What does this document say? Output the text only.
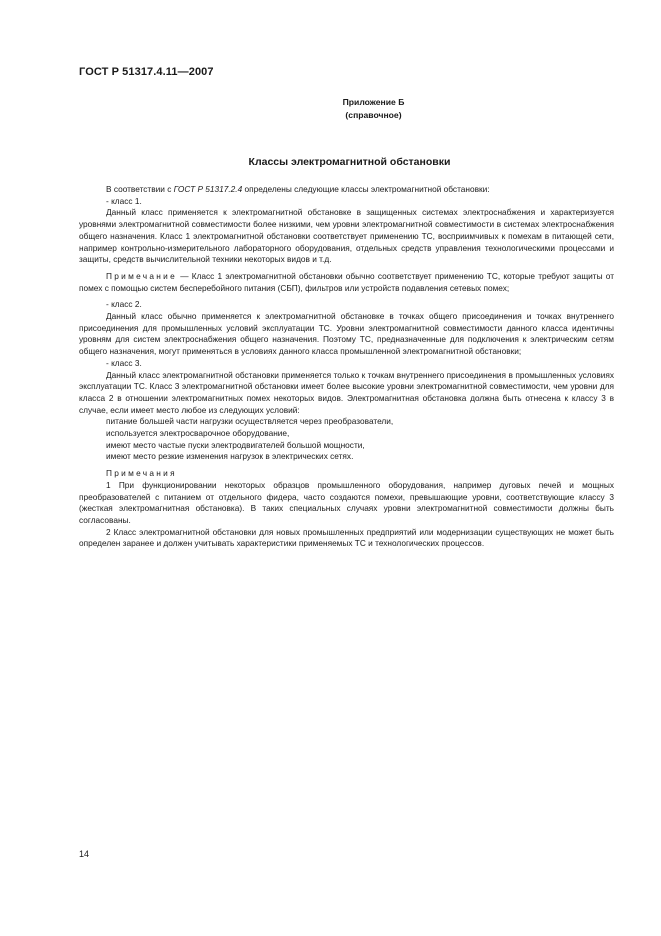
ГОСТ Р 51317.4.11—2007
Приложение Б
(справочное)
Классы электромагнитной обстановки

В соответствии с ГОСТ Р 51317.2.4 определены следующие классы электромагнитной обстановки:

- класс 1.

Данный класс применяется к электромагнитной обстановке в защищенных системах электроснабжения и характеризуется уровнями электромагнитной совместимости более низкими, чем уровни электромагнитной совместимости в системах электроснабжения общего назначения. Класс 1 электромагнитной обстановки соответствует применению ТС, восприимчивых к помехам в питающей сети, например контрольно-измерительного лабораторного оборудования, отдельных средств управления технологическими процессами и защиты, средств вычислительной техники некоторых видов и т.д.

Примечание — Класс 1 электромагнитной обстановки обычно соответствует применению ТС, которые требуют защиты от помех с помощью систем бесперебойного питания (СБП), фильтров или устройств подавления сетевых помех;

- класс 2.

Данный класс обычно применяется к электромагнитной обстановке в точках общего присоединения и точках внутреннего присоединения для промышленных условий эксплуатации ТС. Уровни электромагнитной совместимости данного класса идентичны уровням для систем электроснабжения общего назначения. Поэтому ТС, предназначенные для подключения к электрическим сетям общего назначения, могут применяться в условиях данного класса промышленной электромагнитной обстановки;

- класс 3.

Данный класс электромагнитной обстановки применяется только к точкам внутреннего присоединения в промышленных условиях эксплуатации ТС. Класс 3 электромагнитной обстановки имеет более высокие уровни электромагнитной совместимости, чем уровни для класса 2 в отношении электромагнитных помех некоторых видов. Электромагнитная обстановка должна быть отнесена к классу 3 в случае, если имеет место любое из следующих условий:

питание большей части нагрузки осуществляется через преобразователи,

используется электросварочное оборудование,

имеют место частые пуски электродвигателей большой мощности,

имеют место резкие изменения нагрузок в электрических сетях.

Примечания

1 При функционировании некоторых образцов промышленного оборудования, например дуговых печей и мощных преобразователей с питанием от отдельного фидера, часто создаются помехи, превышающие уровни, соответствующие классу 3 (жесткая электромагнитная обстановка). В таких специальных случаях уровни электромагнитной совместимости должны быть согласованы.

2 Класс электромагнитной обстановки для новых промышленных предприятий или модернизации существующих не может быть определен заранее и должен учитывать характеристики применяемых ТС и технологических процессов.

14
